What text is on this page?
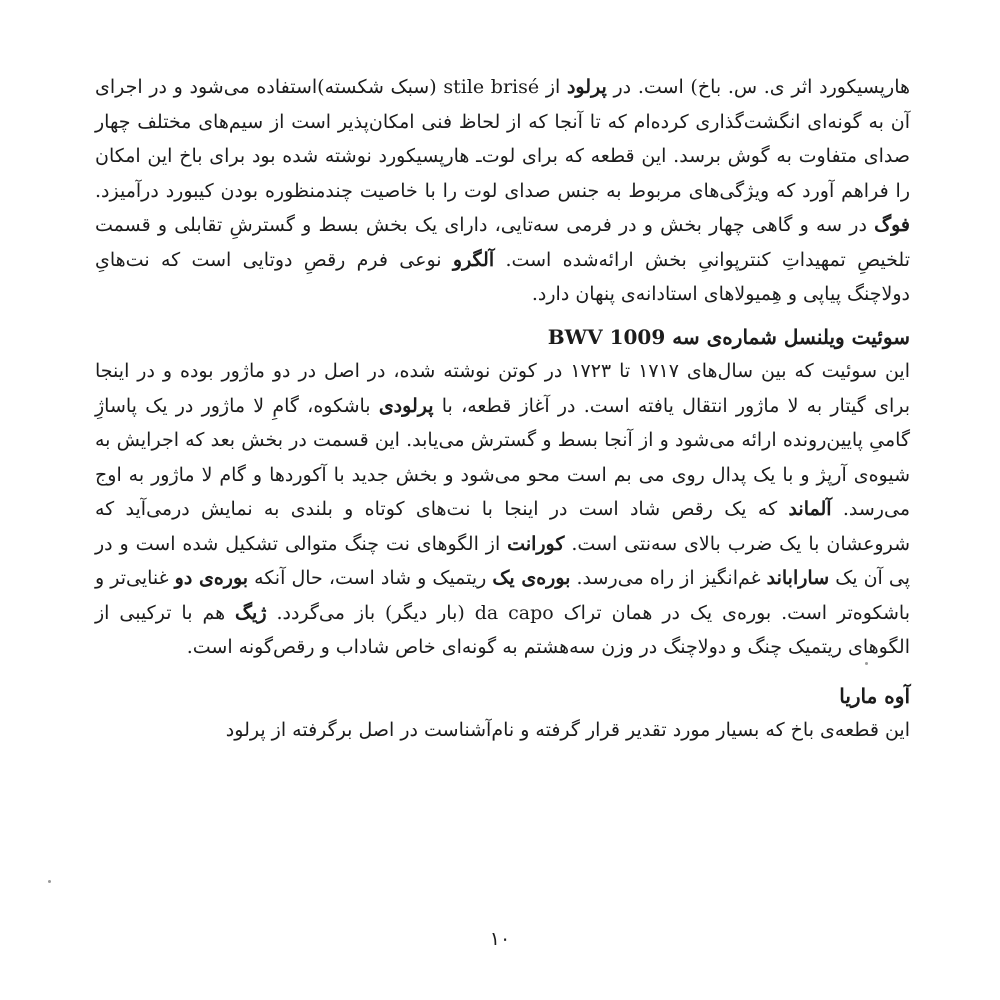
هارپسیکورد اثر ی. س. باخ) است. در پرلود از stile brisé (سبک شکسته)استفاده می‌شود و در اجرای آن به گونه‌ای انگشت‌گذاری کرده‌ام که تا آنجا که از لحاظ فنی امکان‌پذیر است از سیم‌های مختلف چهار صدای متفاوت به گوش برسد. این قطعه که برای لوت‌ـ هارپسیکورد نوشته شده بود برای باخ این امکان را فراهم آورد که ویژگی‌های مربوط به جنس صدای لوت را با خاصیت چندمنظوره بودن کیبورد درآمیزد. فوگ در سه و گاهی چهار بخش و در فرمی سه‌تایی، دارای یک بخش بسط و گسترشِ تقابلی و قسمت تلخیصِ تمهیداتِ کنترپوانیِ بخش ارائه‌شده است. آلگرو نوعی فرم رقصِ دوتایی است که نت‌هایِ دولاچنگ پیاپی و هِمیولاهای استادانه‌ی پنهان دارد.

سوئیت ویلنسل شماره‌ی سه BWV 1009

این سوئیت که بین سال‌های ۱۷۱۷ تا ۱۷۲۳ در کوتن نوشته شده، در اصل در دو ماژور بوده و در اینجا برای گیتار به لا ماژور انتقال یافته است. در آغاز قطعه، با پرلودی باشکوه، گامِ لا ماژور در یک پاساژِ گامیِ پایین‌رونده ارائه می‌شود و از آنجا بسط و گسترش می‌یابد. این قسمت در بخش بعد که اجرایش به شیوه‌ی آرپژ و با یک پدال روی می بم است محو می‌شود و بخش جدید با آکوردها و گام لا ماژور به اوج می‌رسد. آلماند که یک رقص شاد است در اینجا با نت‌های کوتاه و بلندی به نمایش درمی‌آید که شروعشان با یک ضرب بالای سه‌نتی است. کورانت از الگوهای نت چنگ متوالی تشکیل شده است و در پی آن یک ساراباند غم‌انگیز از راه می‌رسد. بوره‌ی یک ریتمیک و شاد است، حال آنکه بوره‌ی دو غنایی‌تر و باشکوه‌تر است. بوره‌ی یک در همان تراک da capo (بار دیگر) باز می‌گردد. ژیگ هم با ترکیبی از الگوهای ریتمیک چنگ و دولاچنگ در وزن سه‌هشتم به گونه‌ای خاص شاداب و رقص‌گونه است.

آوه ماریا

این قطعه‌ی باخ که بسیار مورد تقدیر قرار گرفته و نام‌آشناست در اصل برگرفته از پرلود

۱۰
